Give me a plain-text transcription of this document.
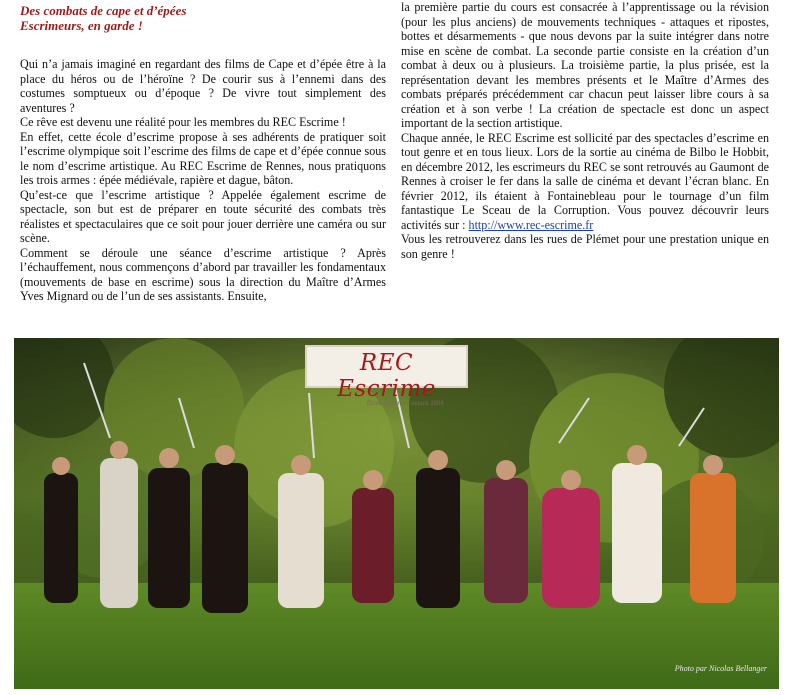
Des combats de cape et d’épées
Escrimeurs, en garde !

Qui n’a jamais imaginé en regardant des films de Cape et d’épée être à la place du héros ou de l’héroïne ? De courir sus à l’ennemi dans des costumes somptueux ou d’époque ? De vivre tout simplement des aventures ?

Ce rêve est devenu une réalité pour les membres du REC Escrime !

En effet, cette école d’escrime propose à ses adhérents de pratiquer soit l’escrime olympique soit l’escrime des films de cape et d’épée connue sous le nom d’escrime artistique. Au REC Escrime de Rennes, nous pratiquons les trois armes : épée médiévale, rapière et dague, bâton.

Qu’est-ce que l’escrime artistique ? Appelée également escrime de spectacle, son but est de préparer en toute sécurité des combats très réalistes et spectaculaires que ce soit pour jouer derrière une caméra ou sur scène.

Comment se déroule une séance d’escrime artistique ? Après l’échauffement, nous commençons d’abord par travailler les fondamentaux (mouvements de base en escrime) sous la direction du Maître d’Armes Yves Mignard ou de l’un de ses assistants. Ensuite,

la première partie du cours est consacrée à l’apprentissage ou la révision (pour les plus anciens) de mouvements techniques - attaques et ripostes, bottes et désarmements - que nous devons par la suite intégrer dans notre mise en scène de combat. La seconde partie consiste en la création d’un combat à deux ou à plusieurs. La troisième partie, la plus prisée, est la représentation devant les membres présents et le Maître d’Armes des combats préparés précédemment car chacun peut laisser libre cours à sa création et à son verbe ! La création de spectacle est donc un aspect important de la section artistique.

Chaque année, le REC Escrime est sollicité par des spectacles d’escrime en tout genre et en tous lieux. Lors de la sortie au cinéma de Bilbo le Hobbit, en décembre 2012, les escrimeurs du REC se sont retrouvés au Gaumont de Rennes à croiser le fer dans la salle de cinéma et devant l’écran blanc. En février 2012, ils étaient à Fontainebleau pour le tournage d’un film fantastique Le Sceau de la Corruption. Vous pouvez découvrir leurs activités sur : http://www.rec-escrime.fr

Vous les retrouverez dans les rues de Plémet pour une prestation unique en son genre !

REC Escrime
École d’escrime depuis 1906
Photo par Nicolas Bellanger
